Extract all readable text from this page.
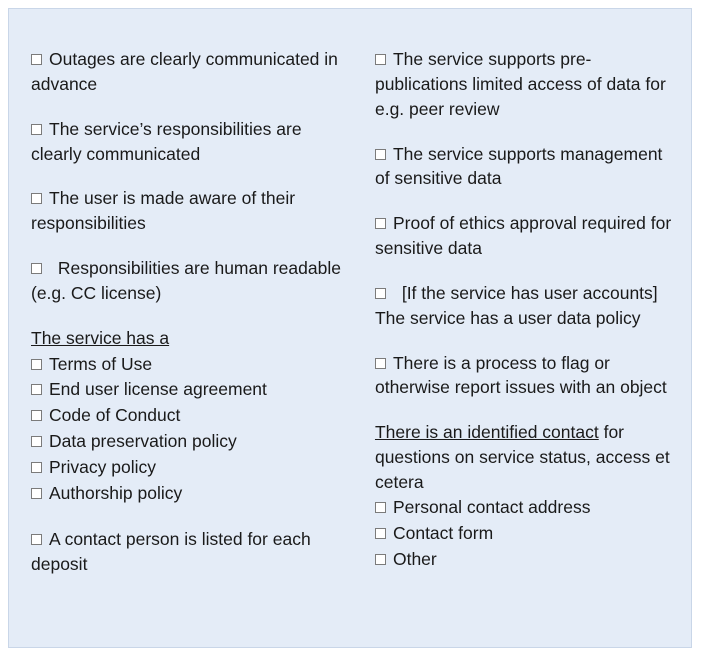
Outages are clearly communicated in advance
The service’s responsibilities are clearly communicated
The user is made aware of their responsibilities
Responsibilities are human readable (e.g. CC license)
The service has a
Terms of Use
End user license agreement
Code of Conduct
Data preservation policy
Privacy policy
Authorship policy
A contact person is listed for each deposit
The service supports pre-publications limited access of data for e.g. peer review
The service supports management of sensitive data
Proof of ethics approval required for sensitive data
[If the service has user accounts] The service has a user data policy
There is a process to flag or otherwise report issues with an object
There is an identified contact for questions on service status, access et cetera
Personal contact address
Contact form
Other
